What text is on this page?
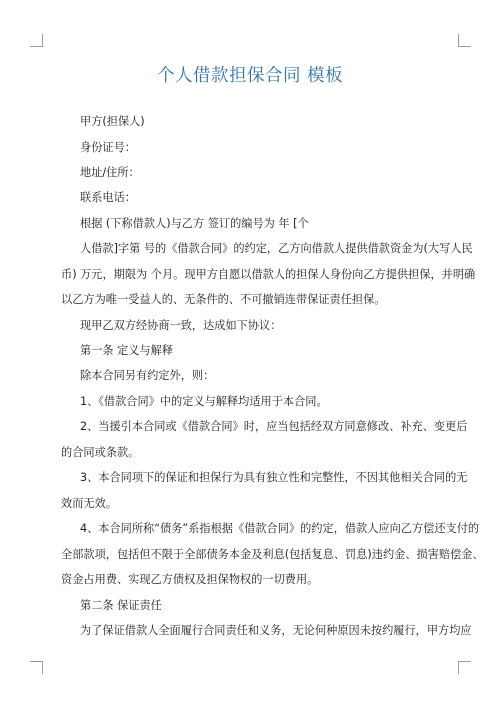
个人借款担保合同 模板
甲方(担保人)
身份证号：
地址/住所：
联系电话：
根据 (下称借款人)与乙方 签订的编号为 年 [个
人借款]字第 号的《借款合同》的约定，乙方向借款人提供借款资金为(大写人民
币) 万元，期限为 个月。现甲方自愿以借款人的担保人身份向乙方提供担保，并明确
以乙方为唯一受益人的、无条件的、不可撤销连带保证责任担保。
现甲乙双方经协商一致，达成如下协议：
第一条 定义与解释
除本合同另有约定外，则：
1、《借款合同》中的定义与解释均适用于本合同。
2、当援引本合同或《借款合同》时，应当包括经双方同意修改、补充、变更后
的合同或条款。
3、本合同项下的保证和担保行为具有独立性和完整性，不因其他相关合同的无
效而无效。
4、本合同所称“债务”系指根据《借款合同》的约定，借款人应向乙方偿还支付的
全部款项，包括但不限于全部债务本金及利息(包括复息、罚息)违约金、损害赔偿金、
资金占用费、实现乙方债权及担保物权的一切费用。
第二条 保证责任
为了保证借款人全面履行合同责任和义务，无论何种原因未按约履行，甲方均应
